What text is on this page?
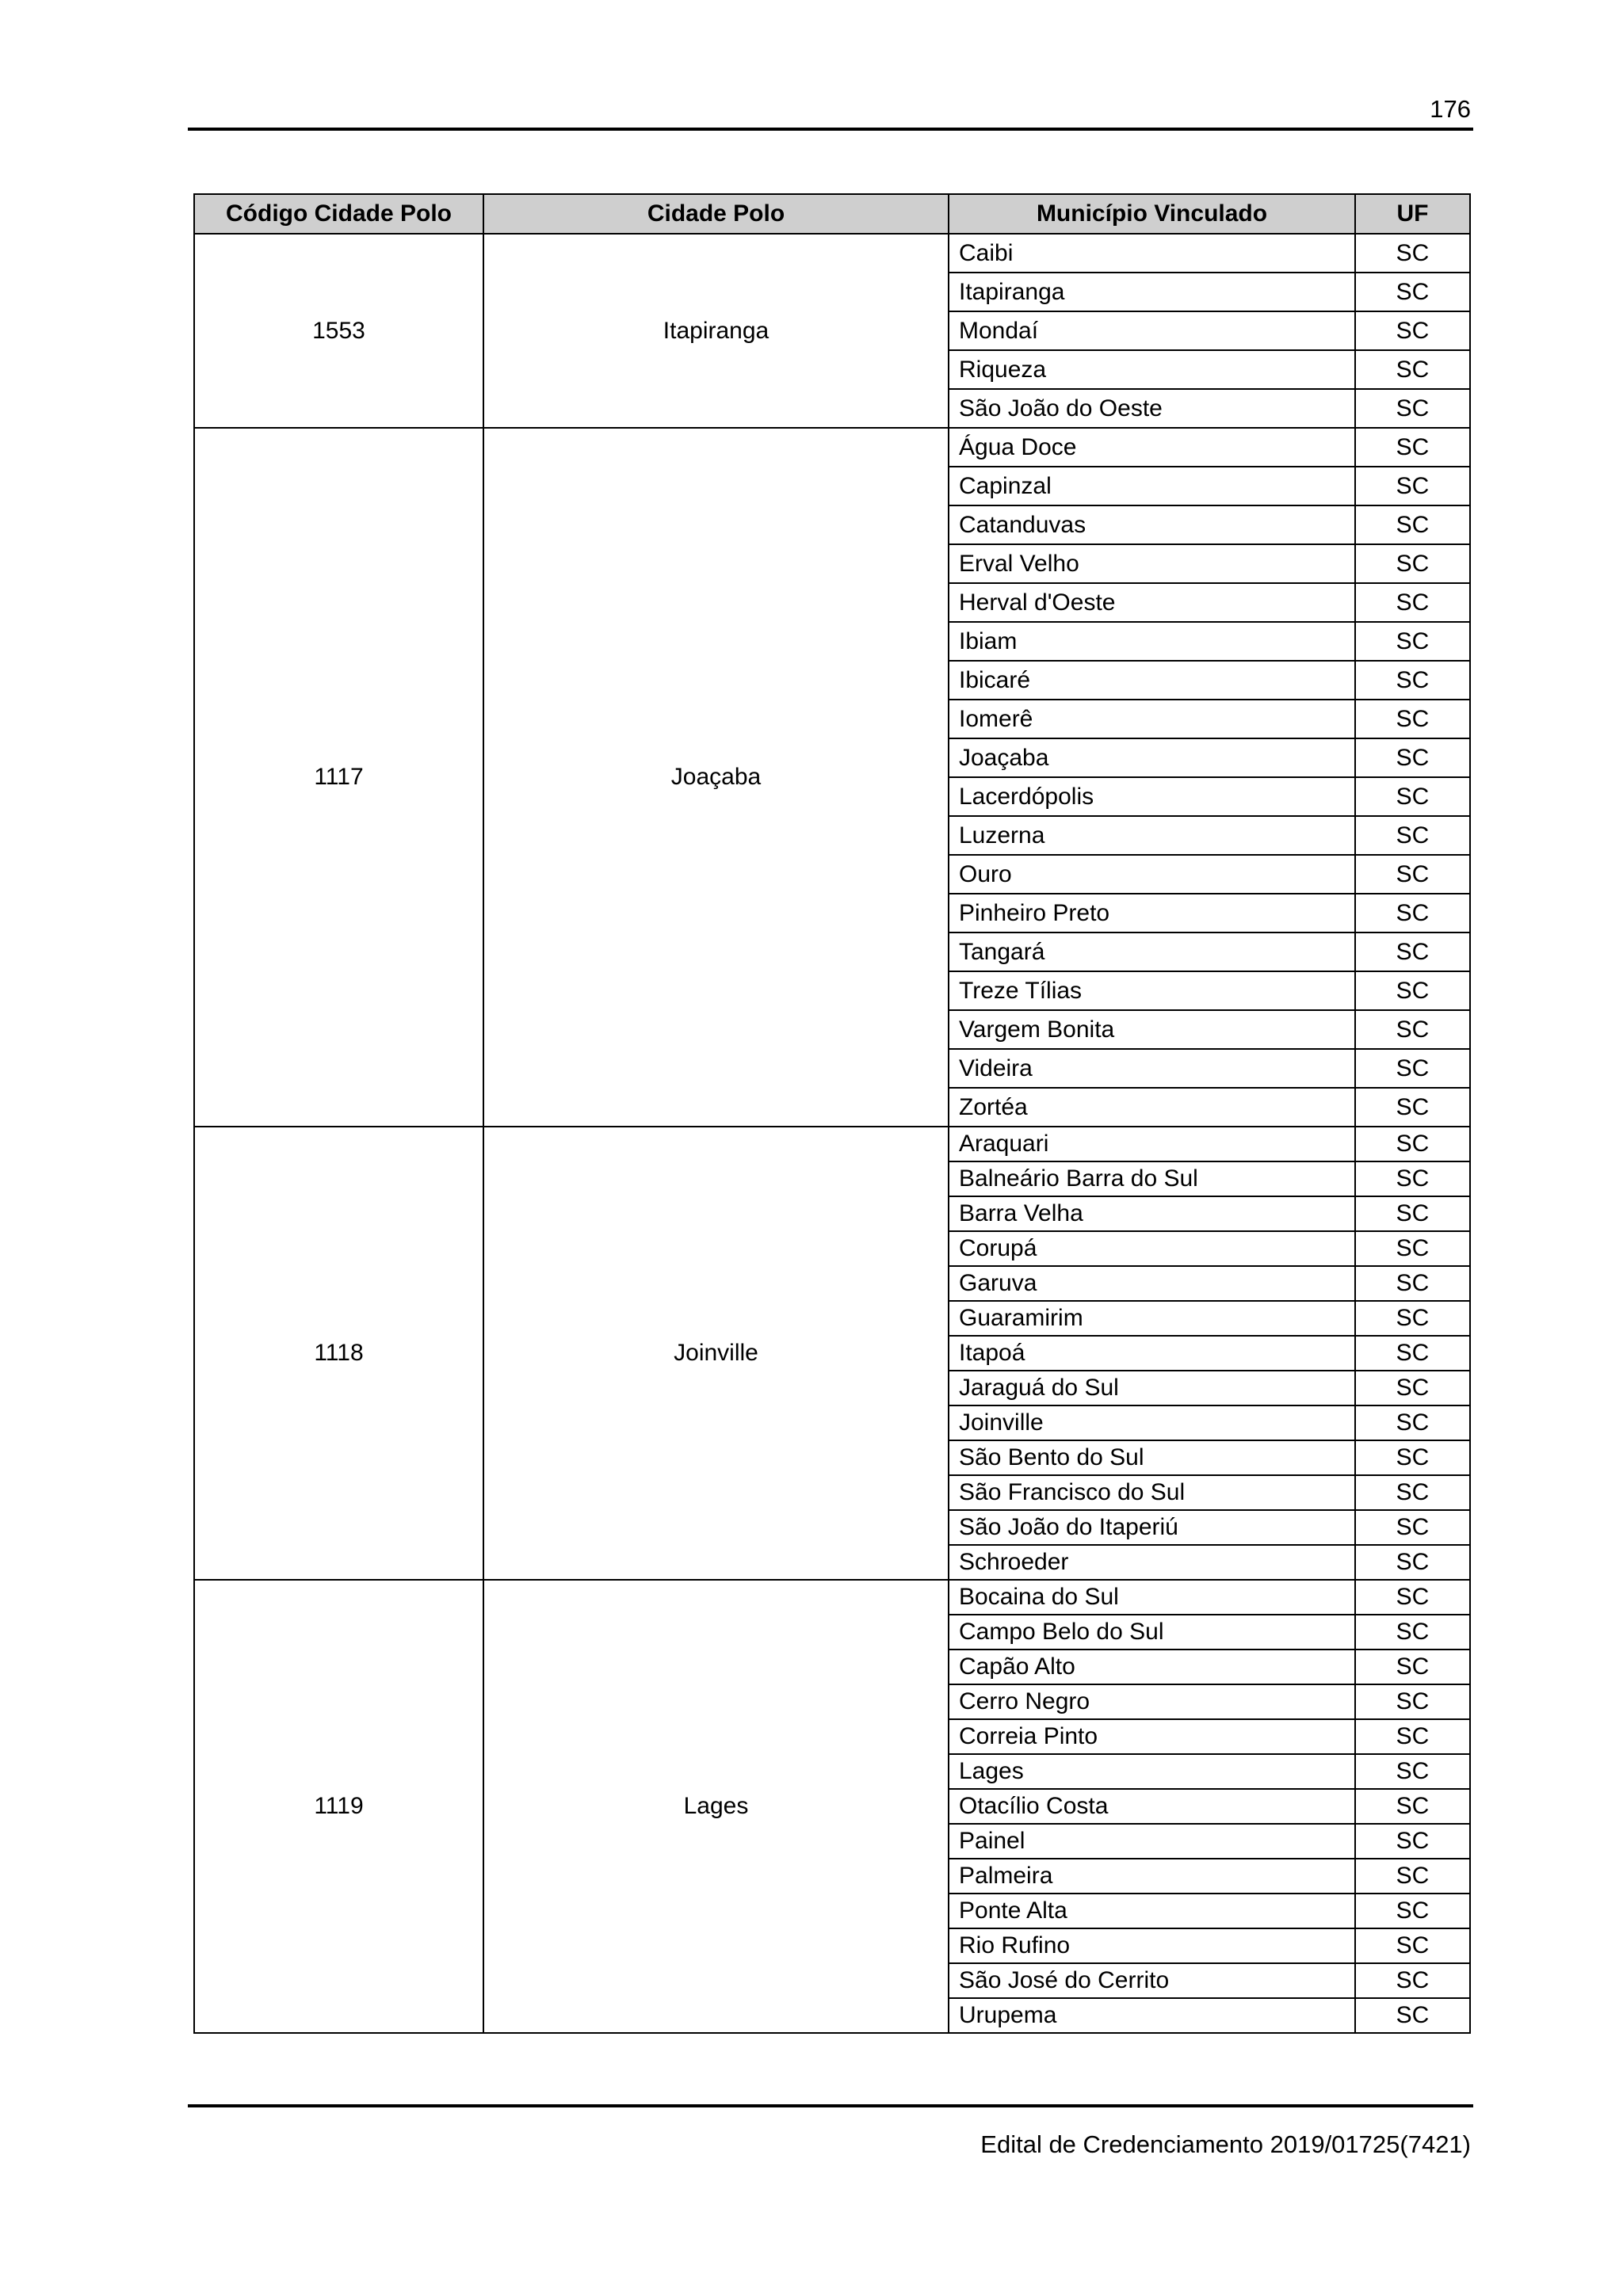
176
Código Cidade Polo	Cidade Polo	Município Vinculado	UF
1553	Itapiranga	Caibi	SC
		Itapiranga	SC
		Mondaí	SC
		Riqueza	SC
		São João do Oeste	SC
1117	Joaçaba	Água Doce	SC
		Capinzal	SC
		Catanduvas	SC
		Erval Velho	SC
		Herval d'Oeste	SC
		Ibiam	SC
		Ibicaré	SC
		Iomerê	SC
		Joaçaba	SC
		Lacerdópolis	SC
		Luzerna	SC
		Ouro	SC
		Pinheiro Preto	SC
		Tangará	SC
		Treze Tílias	SC
		Vargem Bonita	SC
		Videira	SC
		Zortéa	SC
1118	Joinville	Araquari	SC
		Balneário Barra do Sul	SC
		Barra Velha	SC
		Corupá	SC
		Garuva	SC
		Guaramirim	SC
		Itapoá	SC
		Jaraguá do Sul	SC
		Joinville	SC
		São Bento do Sul	SC
		São Francisco do Sul	SC
		São João do Itaperiú	SC
		Schroeder	SC
1119	Lages	Bocaina do Sul	SC
		Campo Belo do Sul	SC
		Capão Alto	SC
		Cerro Negro	SC
		Correia Pinto	SC
		Lages	SC
		Otacílio Costa	SC
		Painel	SC
		Palmeira	SC
		Ponte Alta	SC
		Rio Rufino	SC
		São José do Cerrito	SC
		Urupema	SC
Edital de Credenciamento 2019/01725(7421)
